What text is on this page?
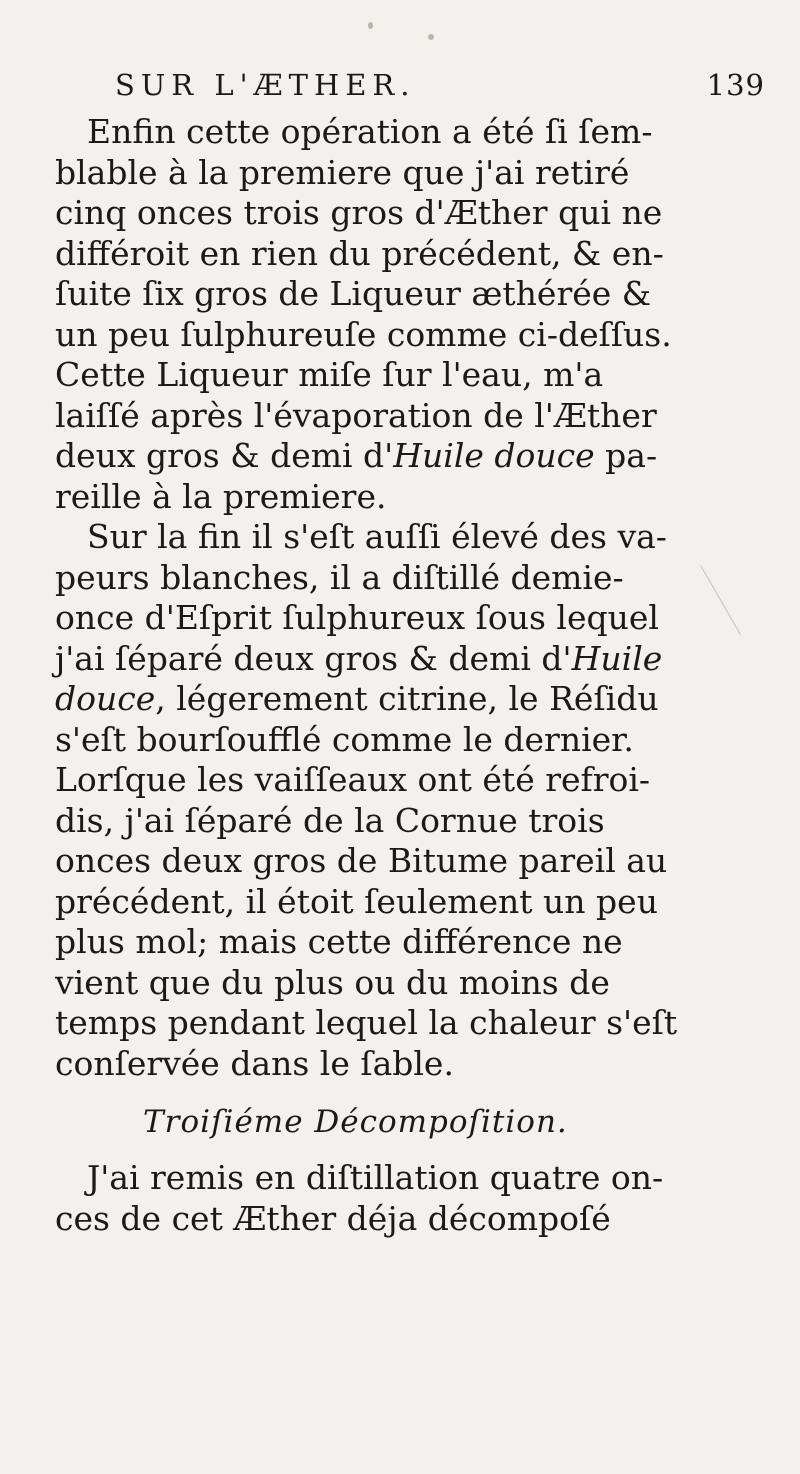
SUR L'ÆTHER.	139
Enfin cette opération a été ſi ſem-
blable à la premiere que j'ai retiré
cinq onces trois gros d'Æther qui ne
différoit en rien du précédent, & en-
ſuite ſix gros de Liqueur æthérée &
un peu ſulphureuſe comme ci-deſſus.
Cette Liqueur miſe ſur l'eau, m'a
laiſſé après l'évaporation de l'Æther
deux gros & demi d'Huile douce pa-
reille à la premiere.
Sur la fin il s'eſt auſſi élevé des va-
peurs blanches, il a diſtillé demie-
once d'Eſprit ſulphureux ſous lequel
j'ai ſéparé deux gros & demi d'Huile
douce, légerement citrine, le Réſidu
s'eſt bourſoufflé comme le dernier.
Lorſque les vaiſſeaux ont été refroi-
dis, j'ai ſéparé de la Cornue trois
onces deux gros de Bitume pareil au
précédent, il étoit ſeulement un peu
plus mol; mais cette différence ne
vient que du plus ou du moins de
temps pendant lequel la chaleur s'eſt
conſervée dans le ſable.
Troiſiéme Décompoſition.
J'ai remis en diſtillation quatre on-
ces de cet Æther déja décompoſé
